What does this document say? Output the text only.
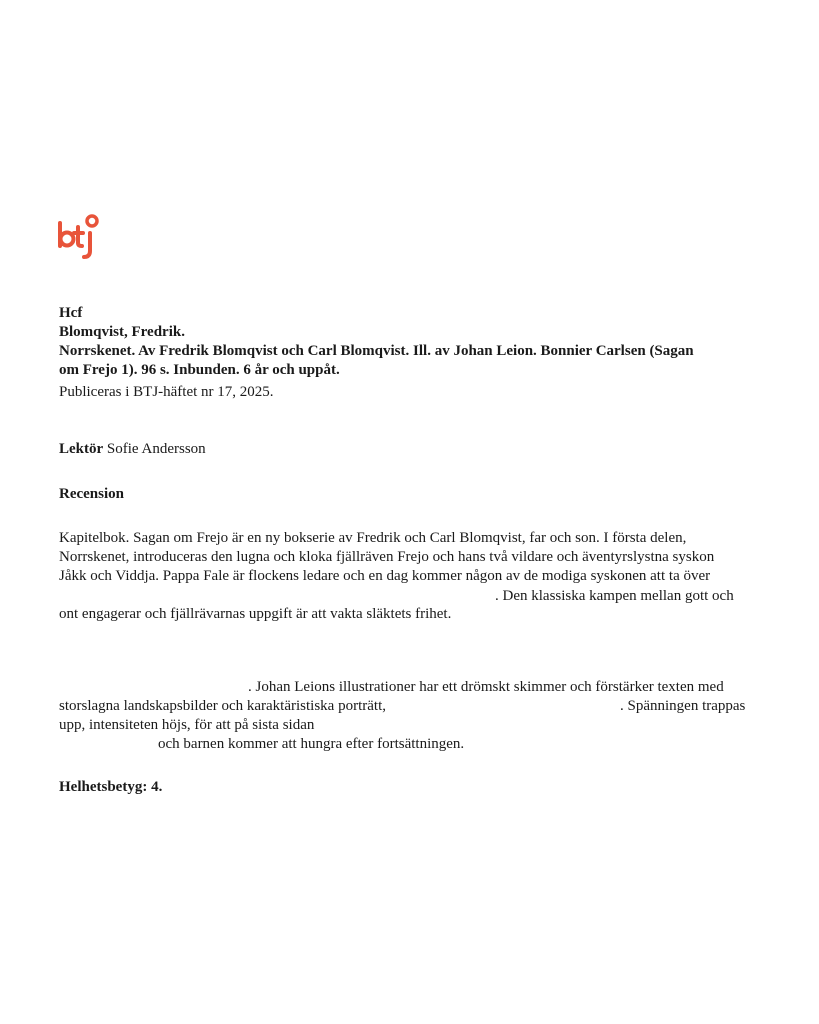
Hcf
Blomqvist, Fredrik.
Norrskenet. Av Fredrik Blomqvist och Carl Blomqvist. Ill. av Johan Leion. Bonnier Carlsen (Sagan
om Frejo 1). 96 s. Inbunden. 6 år och uppåt.
Publiceras i BTJ-häftet nr 17, 2025.
Lektör Sofie Andersson
Recension
Kapitelbok. Sagan om Frejo är en ny bokserie av Fredrik och Carl Blomqvist, far och son. I första delen,
Norrskenet, introduceras den lugna och kloka fjällräven Frejo och hans två vildare och äventyrslystna syskon
Jåkk och Viddja. Pappa Fale är flockens ledare och en dag kommer någon av de modiga syskonen att ta över
. Den klassiska kampen mellan gott och
ont engagerar och fjällrävarnas uppgift är att vakta släktets frihet.
. Johan Leions illustrationer har ett drömskt skimmer och förstärker texten med
storslagna landskapsbilder och karaktäristiska porträtt,	. Spänningen trappas
upp, intensiteten höjs, för att på sista sidan
och barnen kommer att hungra efter fortsättningen.
Helhetsbetyg: 4.
